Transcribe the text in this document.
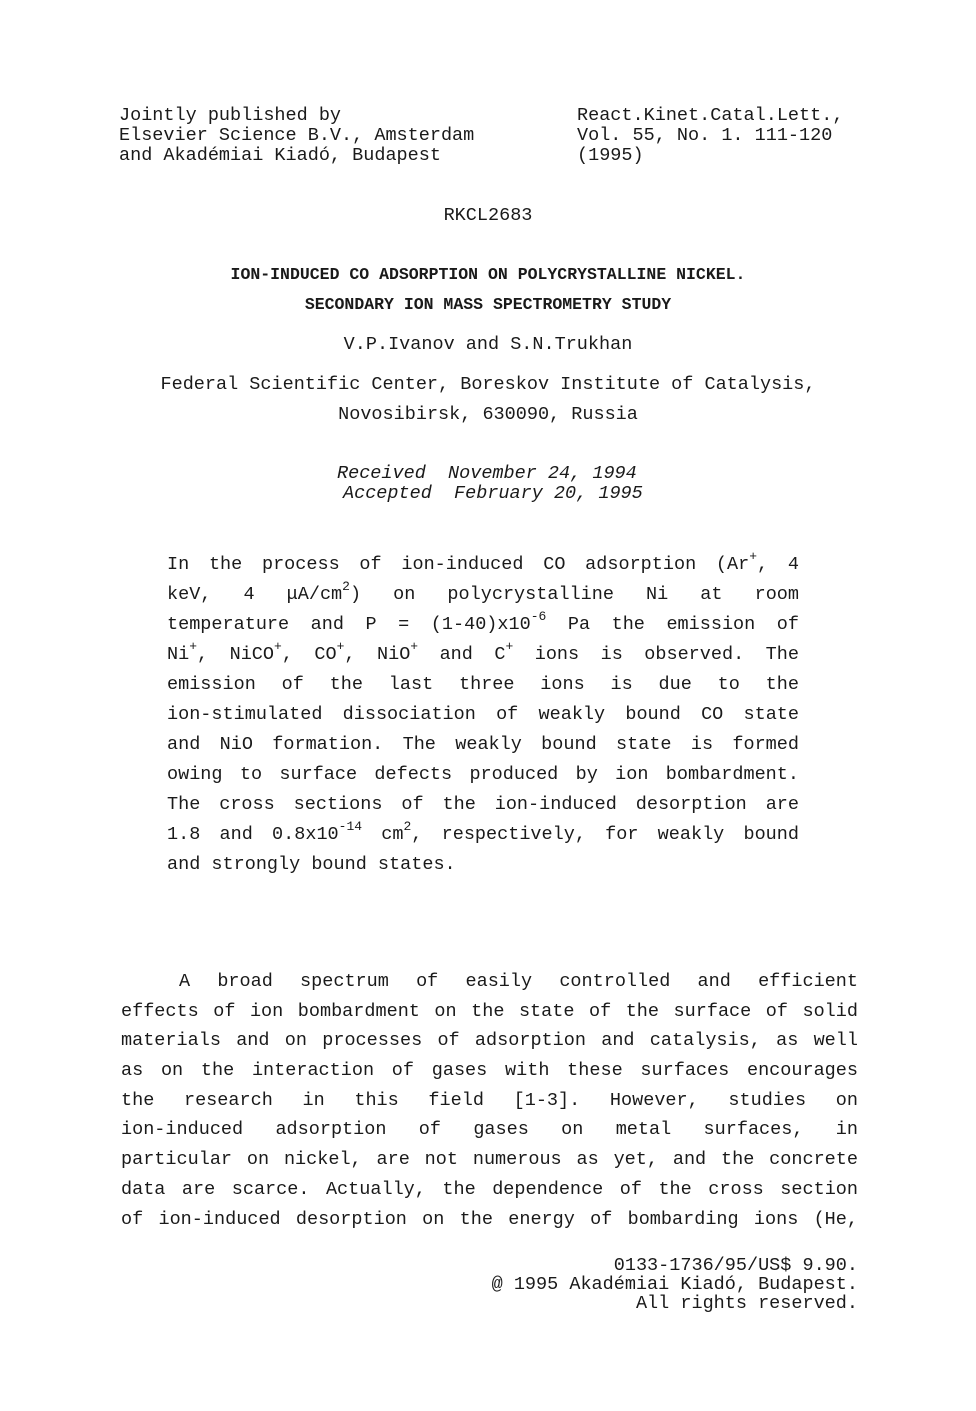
Jointly published by
Elsevier Science B.V., Amsterdam
and Akadémiai Kiadó, Budapest
React.Kinet.Catal.Lett.,
Vol. 55, No. 1. 111-120
(1995)
RKCL2683
ION-INDUCED CO ADSORPTION ON POLYCRYSTALLINE NICKEL.
SECONDARY ION MASS SPECTROMETRY STUDY
V.P.Ivanov and S.N.Trukhan
Federal Scientific Center, Boreskov Institute of Catalysis,
Novosibirsk, 630090, Russia
Received  November 24, 1994
Accepted  February 20, 1995
In the process of ion-induced CO adsorption (Ar+, 4
keV, 4 $\mu A/cm^2$) on polycrystalline Ni at room
temperature and $P = (1-40)x10^{-6}$ Pa the emission of
Ni+, NiCO+, CO+, NiO+ and C+ ions is observed. The
emission of the last three ions is due to the
ion-stimulated dissociation of weakly bound CO state
and NiO formation. The weakly bound state is formed
owing to surface defects produced by ion bombardment.
The cross sections of the ion-induced desorption are
1.8 and $0.8x10^{-14}$ $cm^2$, respectively, for weakly bound
and strongly bound states.
A broad spectrum of easily controlled and efficient
effects of ion bombardment on the state of the surface of solid
materials and on processes of adsorption and catalysis, as well
as on the interaction of gases with these surfaces encourages
the research in this field [1-3]. However, studies on
ion-induced adsorption of gases on metal surfaces, in
particular on nickel, are not numerous as yet, and the concrete
data are scarce. Actually, the dependence of the cross section
of ion-induced desorption on the energy of bombarding ions (He,
0133-1736/95/US$ 9.90.
@ 1995 Akadémiai Kiadó, Budapest.
All rights reserved.
